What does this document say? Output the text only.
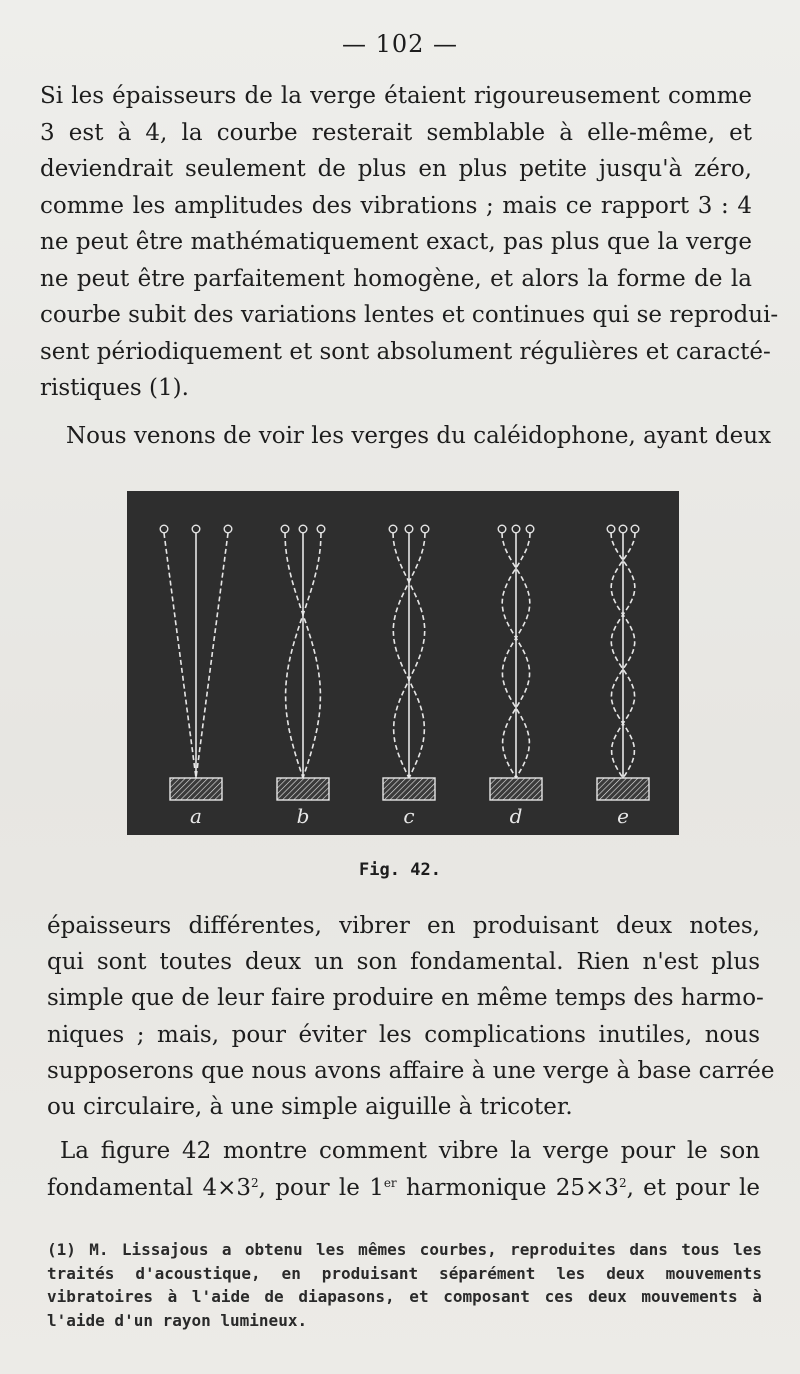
— 102 —

Si les épaisseurs de la verge étaient rigoureusement comme
3 est à 4, la courbe resterait semblable à elle-même, et
deviendrait seulement de plus en plus petite jusqu'à zéro,
comme les amplitudes des vibrations ; mais ce rapport 3 : 4
ne peut être mathématiquement exact, pas plus que la verge
ne peut être parfaitement homogène, et alors la forme de la
courbe subit des variations lentes et continues qui se reprodui-
sent périodiquement et sont absolument régulières et caracté-
ristiques (1).

Nous venons de voir les verges du caléidophone, ayant deux

a	b	c	d	e
Fig. 42.

épaisseurs différentes, vibrer en produisant deux notes,
qui sont toutes deux un son fondamental. Rien n'est plus
simple que de leur faire produire en même temps des harmo-
niques ; mais, pour éviter les complications inutiles, nous
supposerons que nous avons affaire à une verge à base carrée
ou circulaire, à une simple aiguille à tricoter.

La figure 42 montre comment vibre la verge pour le son
fondamental $4\times 3^2$, pour le 1er harmonique $25\times 3^2$, et pour le

(1) M. Lissajous a obtenu les mêmes courbes, reproduites dans tous les
traités d'acoustique, en produisant séparément les deux mouvements
vibratoires à l'aide de diapasons, et composant ces deux mouvements à
l'aide d'un rayon lumineux.
